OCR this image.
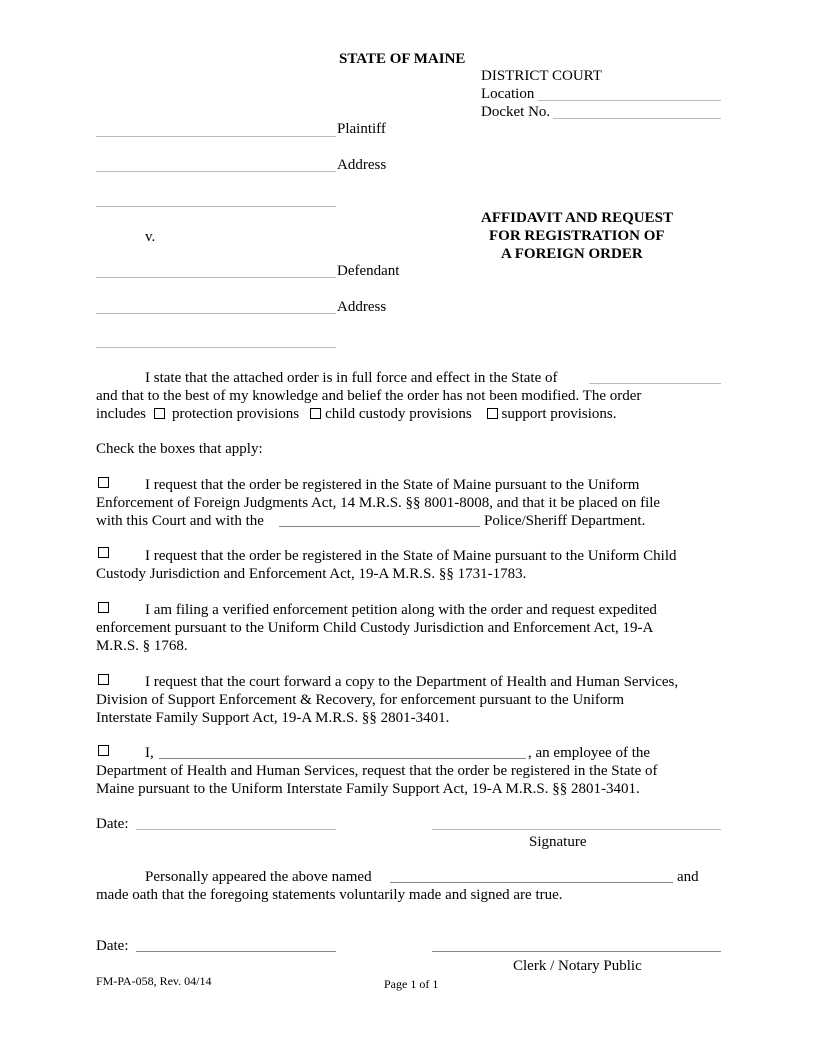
STATE OF MAINE
DISTRICT COURT
Location
Docket No.
Plaintiff
Address
v.
AFFIDAVIT AND REQUEST
FOR REGISTRATION OF
A FOREIGN ORDER
Defendant
Address
I state that the attached order is in full force and effect in the State of
and that to the best of my knowledge and belief the order has not been modified. The order
includes protection provisions child custody provisions support provisions.
Check the boxes that apply:
I request that the order be registered in the State of Maine pursuant to the Uniform
Enforcement of Foreign Judgments Act, 14 M.R.S. §§ 8001-8008, and that it be placed on file
with this Court and with the	Police/Sheriff Department.
I request that the order be registered in the State of Maine pursuant to the Uniform Child
Custody Jurisdiction and Enforcement Act, 19-A M.R.S. §§ 1731-1783.
I am filing a verified enforcement petition along with the order and request expedited
enforcement pursuant to the Uniform Child Custody Jurisdiction and Enforcement Act, 19-A
M.R.S. § 1768.
I request that the court forward a copy to the Department of Health and Human Services,
Division of Support Enforcement & Recovery, for enforcement pursuant to the Uniform
Interstate Family Support Act, 19-A M.R.S. §§ 2801-3401.
I,	, an employee of the
Department of Health and Human Services, request that the order be registered in the State of
Maine pursuant to the Uniform Interstate Family Support Act, 19-A M.R.S. §§ 2801-3401.
Date:
Signature
Personally appeared the above named	and
made oath that the foregoing statements voluntarily made and signed are true.
Date:
Clerk / Notary Public
FM-PA-058, Rev. 04/14	Page 1 of 1
